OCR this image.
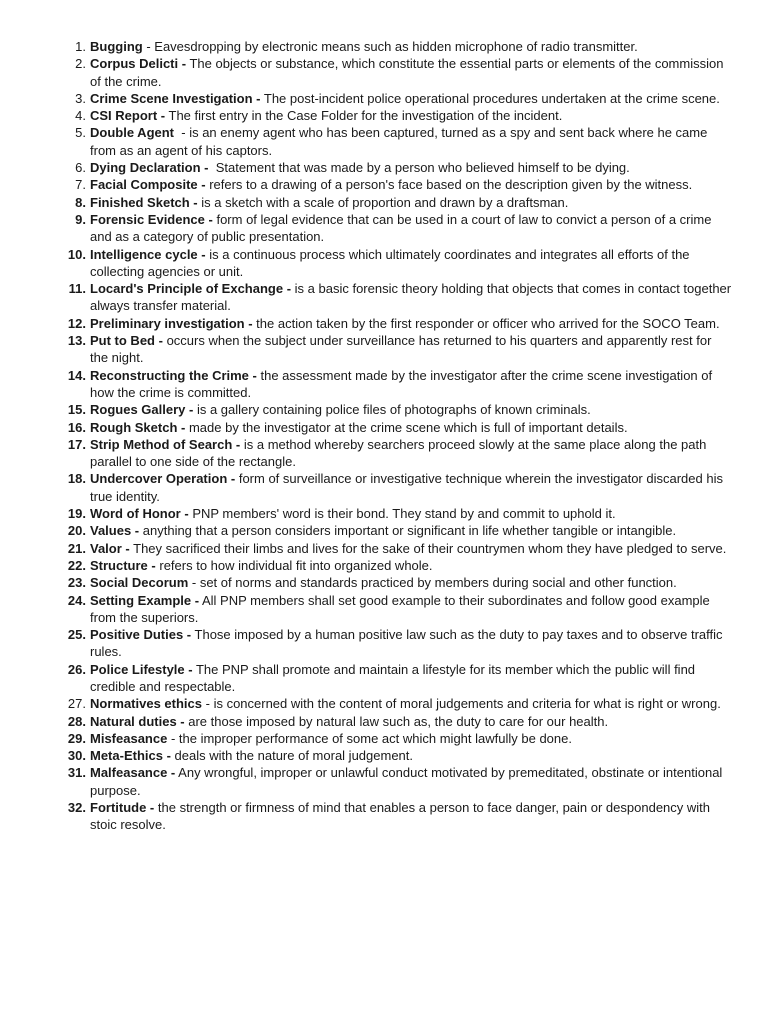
1. Bugging - Eavesdropping by electronic means such as hidden microphone of radio transmitter.
2. Corpus Delicti - The objects or substance, which constitute the essential parts or elements of the commission of the crime.
3. Crime Scene Investigation - The post-incident police operational procedures undertaken at the crime scene.
4. CSI Report - The first entry in the Case Folder for the investigation of the incident.
5. Double Agent  - is an enemy agent who has been captured, turned as a spy and sent back where he came from as an agent of his captors.
6. Dying Declaration - Statement that was made by a person who believed himself to be dying.
7. Facial Composite - refers to a drawing of a person's face based on the description given by the witness.
8. Finished Sketch - is a sketch with a scale of proportion and drawn by a draftsman.
9. Forensic Evidence - form of legal evidence that can be used in a court of law to convict a person of a crime and as a category of public presentation.
10. Intelligence cycle - is a continuous process which ultimately coordinates and integrates all efforts of the collecting agencies or unit.
11. Locard's Principle of Exchange - is a basic forensic theory holding that objects that comes in contact together always transfer material.
12. Preliminary investigation - the action taken by the first responder or officer who arrived for the SOCO Team.
13. Put to Bed - occurs when the subject under surveillance has returned to his quarters and apparently rest for the night.
14. Reconstructing the Crime - the assessment made by the investigator after the crime scene investigation of how the crime is committed.
15. Rogues Gallery - is a gallery containing police files of photographs of known criminals.
16. Rough Sketch - made by the investigator at the crime scene which is full of important details.
17. Strip Method of Search - is a method whereby searchers proceed slowly at the same place along the path parallel to one side of the rectangle.
18. Undercover Operation - form of surveillance or investigative technique wherein the investigator discarded his true identity.
19. Word of Honor - PNP members' word is their bond. They stand by and commit to uphold it.
20. Values - anything that a person considers important or significant in life whether tangible or intangible.
21. Valor - They sacrificed their limbs and lives for the sake of their countrymen whom they have pledged to serve.
22. Structure - refers to how individual fit into organized whole.
23. Social Decorum - set of norms and standards practiced by members during social and other function.
24. Setting Example - All PNP members shall set good example to their subordinates and follow good example from the superiors.
25. Positive Duties - Those imposed by a human positive law such as the duty to pay taxes and to observe traffic rules.
26. Police Lifestyle - The PNP shall promote and maintain a lifestyle for its member which the public will find credible and respectable.
27. Normatives ethics - is concerned with the content of moral judgements and criteria for what is right or wrong.
28. Natural duties - are those imposed by natural law such as, the duty to care for our health.
29. Misfeasance - the improper performance of some act which might lawfully be done.
30. Meta-Ethics - deals with the nature of moral judgement.
31. Malfeasance - Any wrongful, improper or unlawful conduct motivated by premeditated, obstinate or intentional purpose.
32. Fortitude - the strength or firmness of mind that enables a person to face danger, pain or despondency with stoic resolve.
